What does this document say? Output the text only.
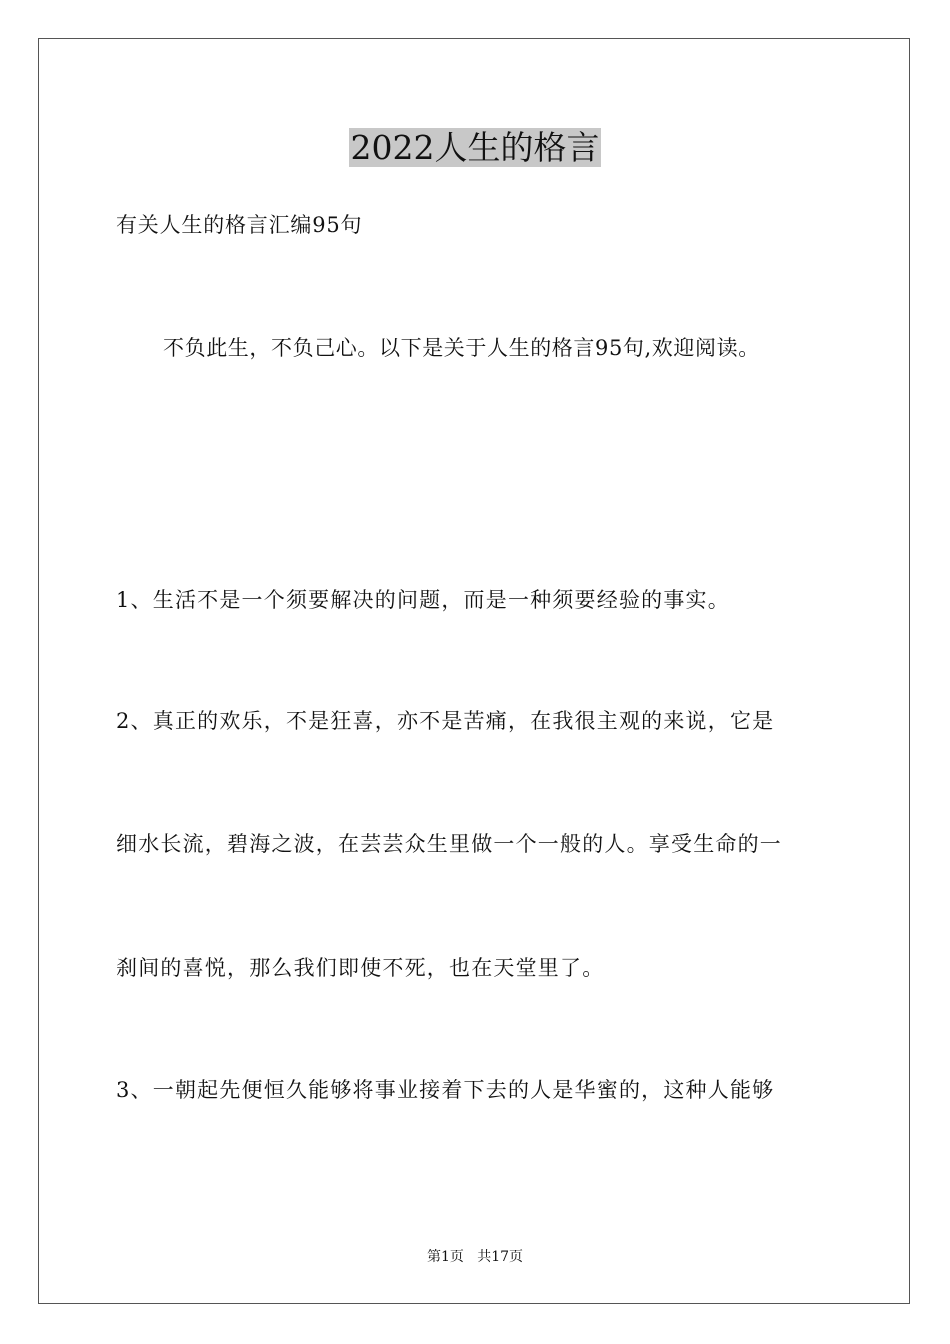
2022人生的格言
有关人生的格言汇编95句
不负此生，不负己心。以下是关于人生的格言95句,欢迎阅读。
1、生活不是一个须要解决的问题，而是一种须要经验的事实。
2、真正的欢乐，不是狂喜，亦不是苦痛，在我很主观的来说，它是
细水长流，碧海之波，在芸芸众生里做一个一般的人。享受生命的一
刹间的喜悦，那么我们即使不死，也在天堂里了。
3、一朝起先便恒久能够将事业接着下去的人是华蜜的，这种人能够
第1页   共17页
